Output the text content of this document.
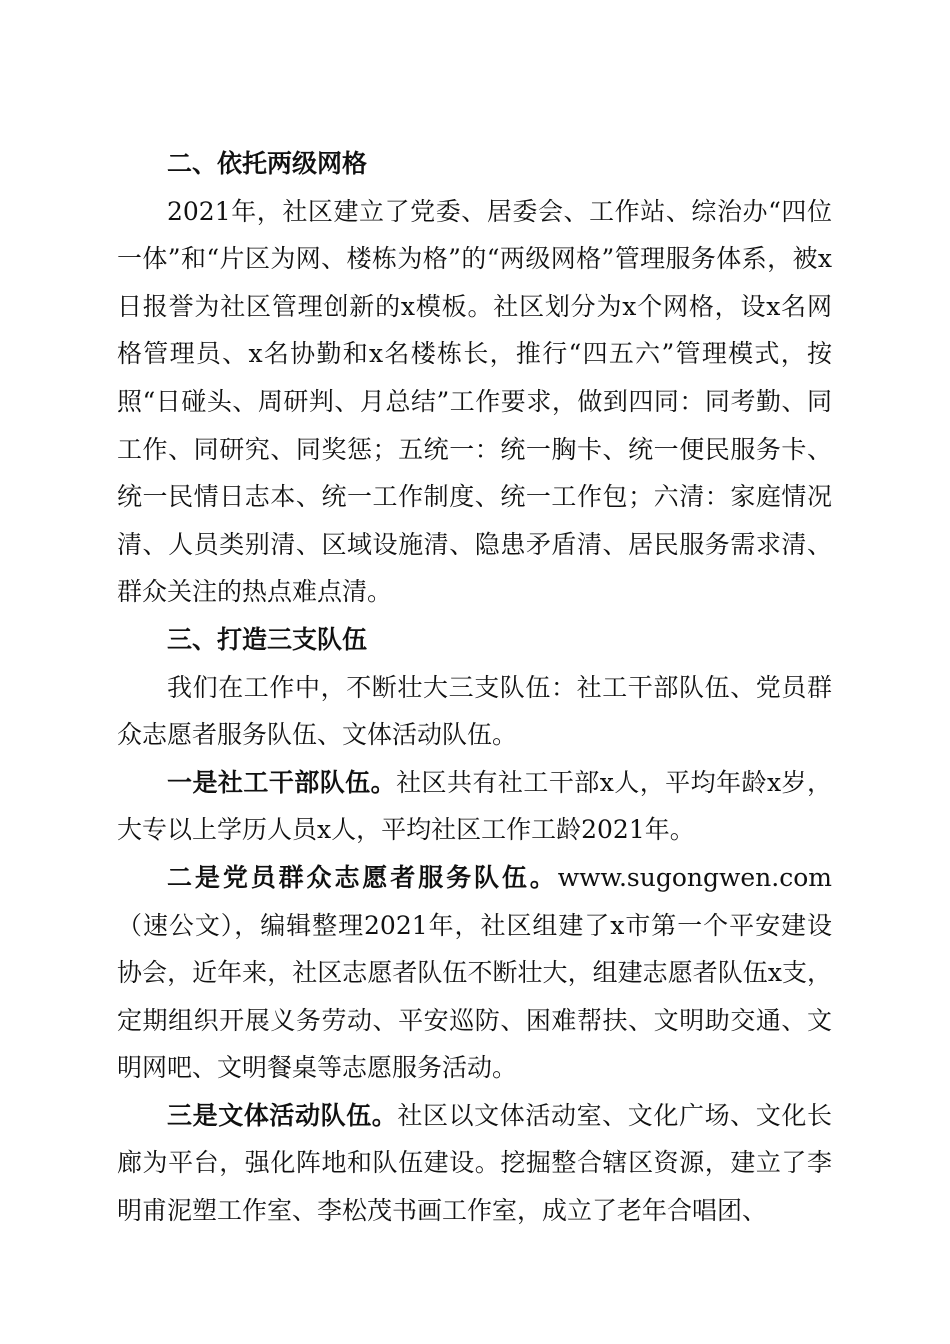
二、依托两级网格

2021年，社区建立了党委、居委会、工作站、综治办“四位一体”和“片区为网、楼栋为格”的“两级网格”管理服务体系，被x日报誉为社区管理创新的x模板。社区划分为x个网格，设x名网格管理员、x名协勤和x名楼栋长，推行“四五六”管理模式，按照“日碰头、周研判、月总结”工作要求，做到四同：同考勤、同工作、同研究、同奖惩；五统一：统一胸卡、统一便民服务卡、统一民情日志本、统一工作制度、统一工作包；六清：家庭情况清、人员类别清、区域设施清、隐患矛盾清、居民服务需求清、群众关注的热点难点清。

三、打造三支队伍

我们在工作中，不断壮大三支队伍：社工干部队伍、党员群众志愿者服务队伍、文体活动队伍。

一是社工干部队伍。社区共有社工干部x人，平均年龄x岁，大专以上学历人员x人，平均社区工作工龄2021年。

二是党员群众志愿者服务队伍。www.sugongwen.com（速公文），编辑整理2021年，社区组建了x市第一个平安建设协会，近年来，社区志愿者队伍不断壮大，组建志愿者队伍x支，定期组织开展义务劳动、平安巡防、困难帮扶、文明助交通、文明网吧、文明餐桌等志愿服务活动。

三是文体活动队伍。社区以文体活动室、文化广场、文化长廊为平台，强化阵地和队伍建设。挖掘整合辖区资源，建立了李明甫泥塑工作室、李松茂书画工作室，成立了老年合唱团、
